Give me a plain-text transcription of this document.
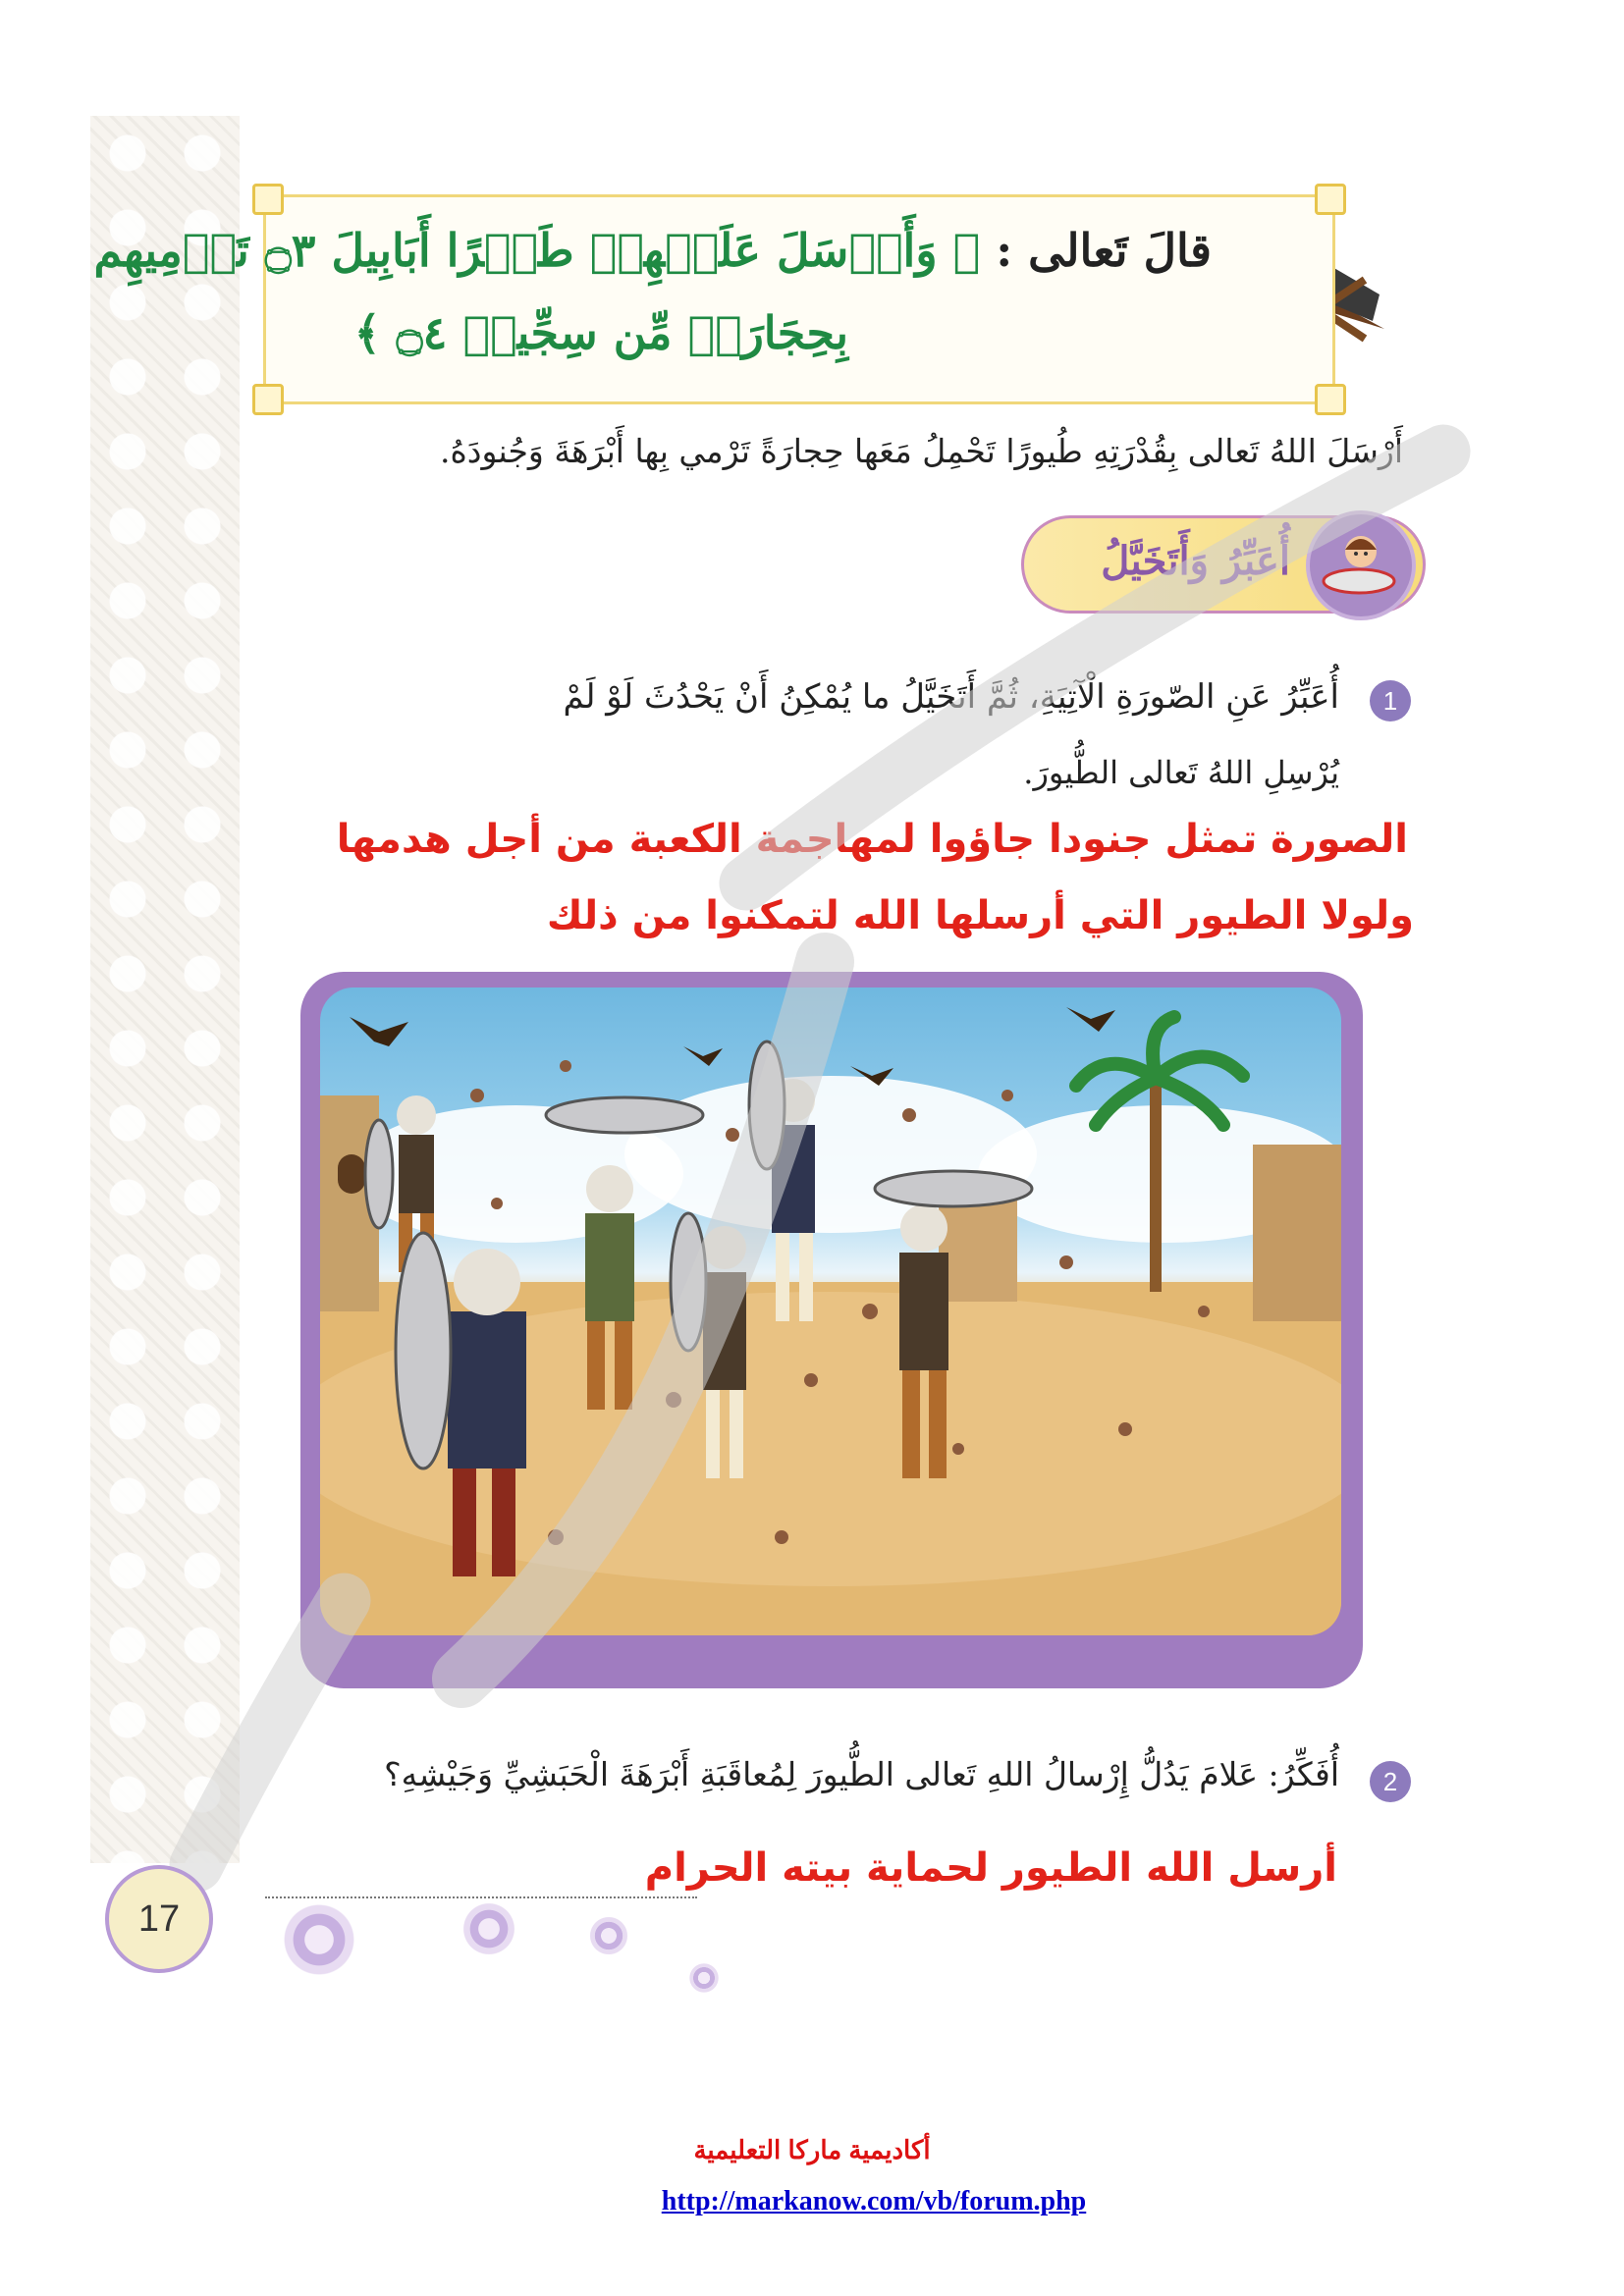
قالَ تَعالى : ﴿ وَأَرۡسَلَ عَلَيۡهِمۡ طَيۡرًا أَبَابِيلَ ۝٣ تَرۡمِيهِم
بِحِجَارَةٖ مِّن سِجِّيلٖ ۝٤ ﴾
أَرْسَلَ اللهُ تَعالى بِقُدْرَتِهِ طُيورًا تَحْمِلُ مَعَها حِجارَةً تَرْمي بِها أَبْرَهَةَ وَجُنودَهُ.
أُعَبِّرُ وَأَتَخَيَّلُ
1
أُعَبِّرُ عَنِ الصّورَةِ الْآتِيَةِ، ثُمَّ أَتَخَيَّلُ ما يُمْكِنُ أَنْ يَحْدُثَ لَوْ لَمْ
يُرْسِلِ اللهُ تَعالى الطُّيورَ.
الصورة تمثل جنودا جاؤوا لمهاجمة الكعبة من أجل هدمها
ولولا الطيور التي أرسلها الله لتمكنوا من ذلك
2
أُفَكِّرُ: عَلامَ يَدُلُّ إِرْسالُ اللهِ تَعالى الطُّيورَ لِمُعاقَبَةِ أَبْرَهَةَ الْحَبَشِيِّ وَجَيْشِهِ؟
أرسل الله الطيور لحماية بيته الحرام
17
أكاديمية ماركا التعليمية
http://markanow.com/vb/forum.php
